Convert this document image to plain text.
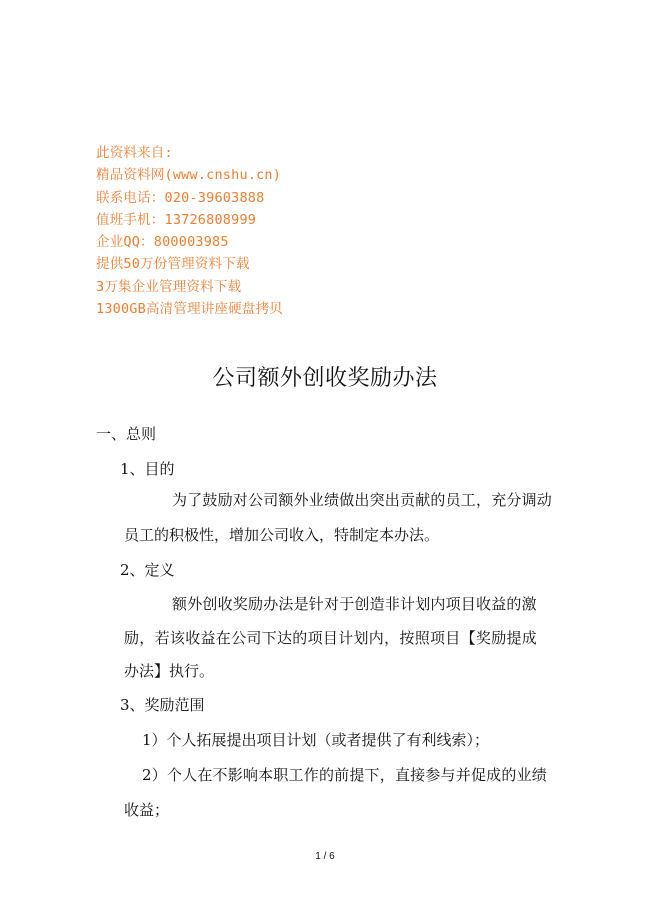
此资料来自:
精品资料网(www.cnshu.cn)
联系电话：020-39603888
值班手机：13726808999
企业QQ：800003985
提供50万份管理资料下载
3万集企业管理资料下载
1300GB高清管理讲座硬盘拷贝
公司额外创收奖励办法
一、总则
1、目的
为了鼓励对公司额外业绩做出突出贡献的员工，充分调动
员工的积极性，增加公司收入，特制定本办法。
2、定义
额外创收奖励办法是针对于创造非计划内项目收益的激
励，若该收益在公司下达的项目计划内，按照项目【奖励提成
办法】执行。
3、奖励范围
1）个人拓展提出项目计划（或者提供了有利线索）；
2）个人在不影响本职工作的前提下，直接参与并促成的业绩
收益；
1 / 6
